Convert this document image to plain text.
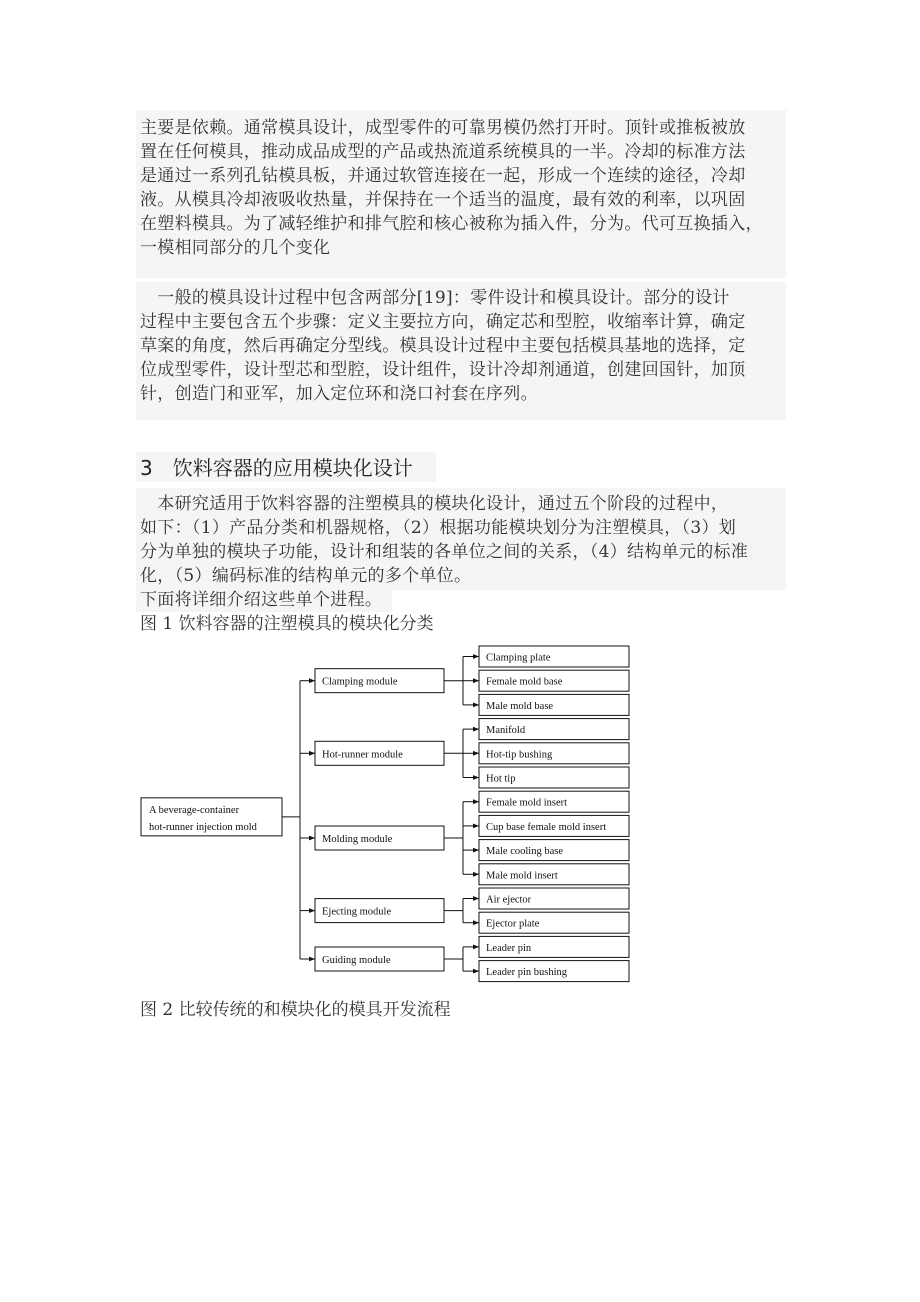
主要是依赖。通常模具设计，成型零件的可靠男模仍然打开时。顶针或推板被放
置在任何模具，推动成品成型的产品或热流道系统模具的一半。冷却的标准方法
是通过一系列孔钻模具板，并通过软管连接在一起，形成一个连续的途径，冷却
液。从模具冷却液吸收热量，并保持在一个适当的温度，最有效的利率，以巩固
在塑料模具。为了减轻维护和排气腔和核心被称为插入件，分为。代可互换插入，
一模相同部分的几个变化
　一般的模具设计过程中包含两部分[19]：零件设计和模具设计。部分的设计
过程中主要包含五个步骤：定义主要拉方向，确定芯和型腔，收缩率计算，确定
草案的角度，然后再确定分型线。模具设计过程中主要包括模具基地的选择，定
位成型零件，设计型芯和型腔，设计组件，设计冷却剂通道，创建回国针，加顶
针，创造门和亚军，加入定位环和浇口衬套在序列。
3 饮料容器的应用模块化设计
　本研究适用于饮料容器的注塑模具的模块化设计，通过五个阶段的过程中，
如下：（1）产品分类和机器规格，（2）根据功能模块划分为注塑模具，（3）划
分为单独的模块子功能，设计和组装的各单位之间的关系，（4）结构单元的标准
化，（5）编码标准的结构单元的多个单位。
下面将详细介绍这些单个进程。
图 1 饮料容器的注塑模具的模块化分类
Clamping plate
Female mold base
Male mold base
Clamping module
Manifold
Hot-tip bushing
Hot tip
Hot-runner module
Female mold insert
Cup base female mold insert
Male cooling base
Male mold insert
Molding module
Air ejector
Ejector plate
Ejecting module
Leader pin
Leader pin bushing
Guiding module
A beverage-container
hot-runner injection mold
图 2 比较传统的和模块化的模具开发流程
